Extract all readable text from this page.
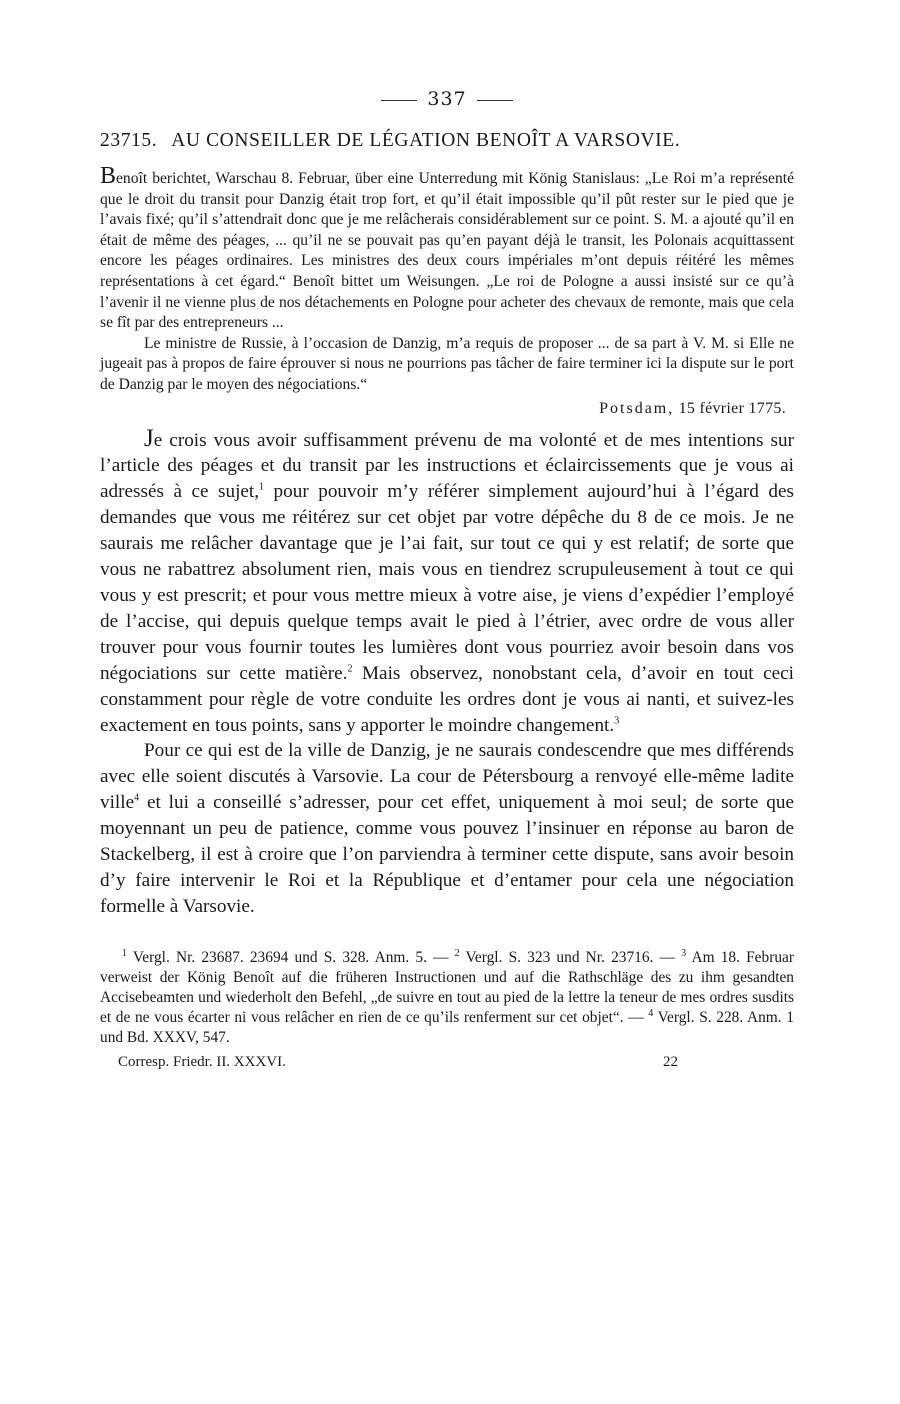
337
23715. AU CONSEILLER DE LÉGATION BENOÎT A VARSOVIE.

Benoît berichtet, Warschau 8. Februar, über eine Unterredung mit König Stanislaus: „Le Roi m’a représenté que le droit du transit pour Danzig était trop fort, et qu’il était impossible qu’il pût rester sur le pied que je l’avais fixé; qu’il s’attendrait donc que je me relâcherais considérablement sur ce point. S. M. a ajouté qu’il en était de même des péages, ... qu’il ne se pouvait pas qu’en payant déjà le transit, les Polonais acquittassent encore les péages ordinaires. Les ministres des deux cours impériales m’ont depuis réitéré les mêmes représentations à cet égard.“ Benoît bittet um Weisungen. „Le roi de Pologne a aussi insisté sur ce qu’à l’avenir il ne vienne plus de nos détachements en Pologne pour acheter des chevaux de remonte, mais que cela se fît par des entrepreneurs ...

Le ministre de Russie, à l’occasion de Danzig, m’a requis de proposer ... de sa part à V. M. si Elle ne jugeait pas à propos de faire éprouver si nous ne pourrions pas tâcher de faire terminer ici la dispute sur le port de Danzig par le moyen des négociations.“

Potsdam, 15 février 1775.

Je crois vous avoir suffisamment prévenu de ma volonté et de mes intentions sur l’article des péages et du transit par les instructions et éclaircissements que je vous ai adressés à ce sujet,$^1$ pour pouvoir m’y référer simplement aujourd’hui à l’égard des demandes que vous me réitérez sur cet objet par votre dépêche du 8 de ce mois. Je ne saurais me relâcher davantage que je l’ai fait, sur tout ce qui y est relatif; de sorte que vous ne rabattrez absolument rien, mais vous en tiendrez scrupuleusement à tout ce qui vous y est prescrit; et pour vous mettre mieux à votre aise, je viens d’expédier l’employé de l’accise, qui depuis quelque temps avait le pied à l’étrier, avec ordre de vous aller trouver pour vous fournir toutes les lumières dont vous pourriez avoir besoin dans vos négociations sur cette matière.$^2$ Mais observez, nonobstant cela, d’avoir en tout ceci constamment pour règle de votre conduite les ordres dont je vous ai nanti, et suivez-les exactement en tous points, sans y apporter le moindre changement.$^3$

Pour ce qui est de la ville de Danzig, je ne saurais condescendre que mes différends avec elle soient discutés à Varsovie. La cour de Pétersbourg a renvoyé elle-même ladite ville$^4$ et lui a conseillé s’adresser, pour cet effet, uniquement à moi seul; de sorte que moyennant un peu de patience, comme vous pouvez l’insinuer en réponse au baron de Stackelberg, il est à croire que l’on parviendra à terminer cette dispute, sans avoir besoin d’y faire intervenir le Roi et la République et d’entamer pour cela une négociation formelle à Varsovie.

$^1$ Vergl. Nr. 23687. 23694 und S. 328. Anm. 5. — $^2$ Vergl. S. 323 und Nr. 23716. — $^3$ Am 18. Februar verweist der König Benoît auf die früheren Instructionen und auf die Rathschläge des zu ihm gesandten Accisebeamten und wiederholt den Befehl, „de suivre en tout au pied de la lettre la teneur de mes ordres susdits et de ne vous écarter ni vous relâcher en rien de ce qu’ils renferment sur cet objet“. — $^4$ Vergl. S. 228. Anm. 1 und Bd. XXXV, 547.
Corresp. Friedr. II. XXXVI.	22
